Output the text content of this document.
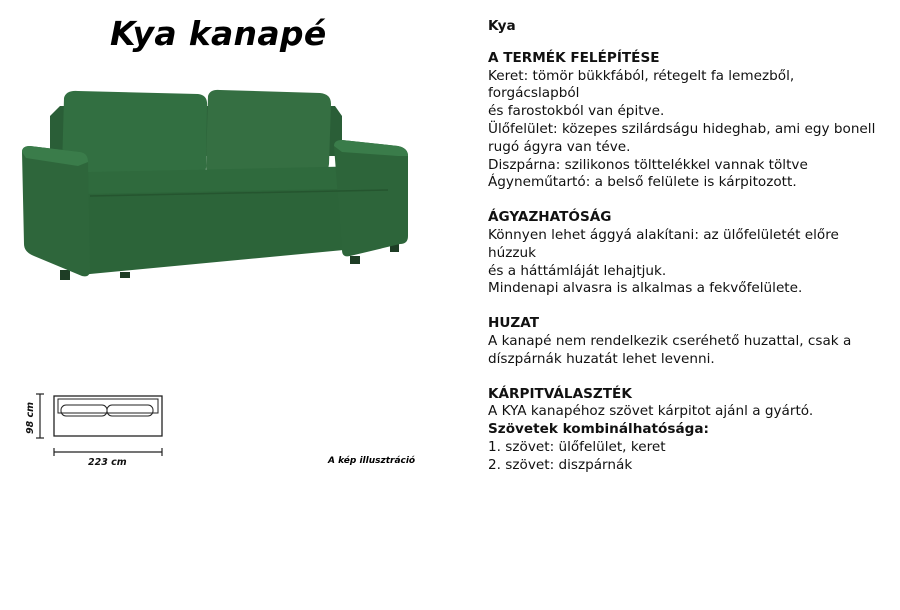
Kya kanapé
98 cm
223 cm	A kép illusztráció

Kya

A TERMÉK FELÉPÍTÉSE

Keret: tömör bükkfából, rétegelt fa lemezből, forgácslapból

és farostokból van épitve.

Ülőfelület: közepes szilárdságu hideghab, ami egy bonell

rugó ágyra van téve.

Diszpárna: szilikonos tölttelékkel vannak töltve

Ágyneműtartó: a belső felülete is kárpitozott.

ÁGYAZHATÓSÁG

Könnyen lehet ággyá alakítani: az ülőfelületét előre húzzuk

és a háttámláját lehajtjuk.

Mindenapi alvasra is alkalmas a fekvőfelülete.

HUZAT

A kanapé nem rendelkezik cseréhető huzattal, csak a

díszpárnák huzatát lehet levenni.

KÁRPITVÁLASZTÉK

A KYA kanapéhoz szövet kárpitot ajánl a gyártó.

Szövetek kombinálhatósága:

1. szövet: ülőfelület, keret

2. szövet: diszpárnák
